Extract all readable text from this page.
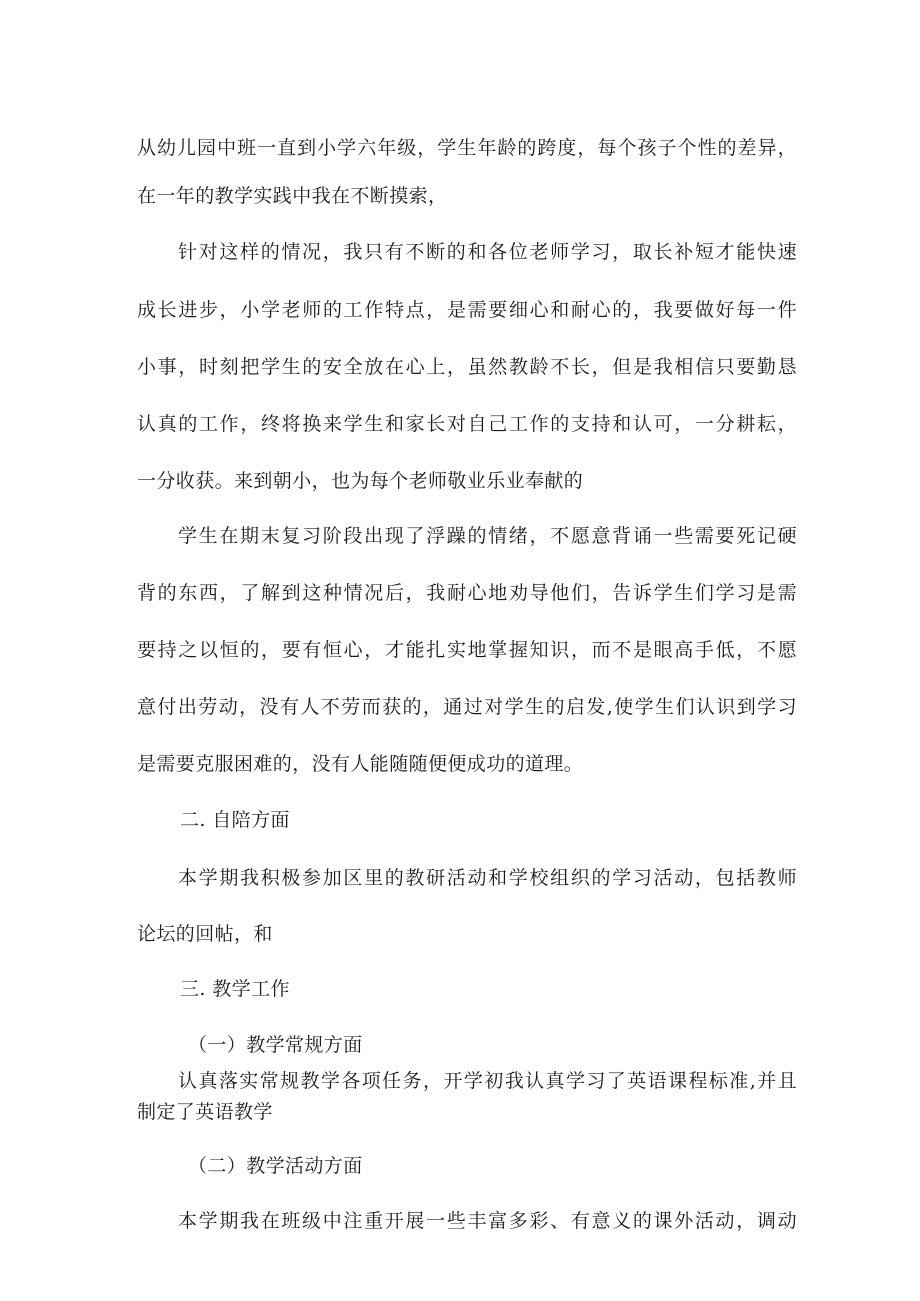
从幼儿园中班一直到小学六年级，学生年龄的跨度，每个孩子个性的差异，
在一年的教学实践中我在不断摸索，
针对这样的情况，我只有不断的和各位老师学习，取长补短才能快速
成长进步，小学老师的工作特点，是需要细心和耐心的，我要做好每一件
小事，时刻把学生的安全放在心上，虽然教龄不长，但是我相信只要勤恳
认真的工作，终将换来学生和家长对自己工作的支持和认可，一分耕耘，
一分收获。来到朝小，也为每个老师敬业乐业奉献的
学生在期末复习阶段出现了浮躁的情绪，不愿意背诵一些需要死记硬
背的东西，了解到这种情况后，我耐心地劝导他们，告诉学生们学习是需
要持之以恒的，要有恒心，才能扎实地掌握知识，而不是眼高手低，不愿
意付出劳动，没有人不劳而获的，通过对学生的启发,使学生们认识到学习
是需要克服困难的，没有人能随随便便成功的道理。
二. 自陪方面
本学期我积极参加区里的教研活动和学校组织的学习活动，包括教师
论坛的回帖，和
三. 教学工作
（一）教学常规方面
认真落实常规教学各项任务，开学初我认真学习了英语课程标准,并且
制定了英语教学
（二）教学活动方面
本学期我在班级中注重开展一些丰富多彩、有意义的课外活动，调动
